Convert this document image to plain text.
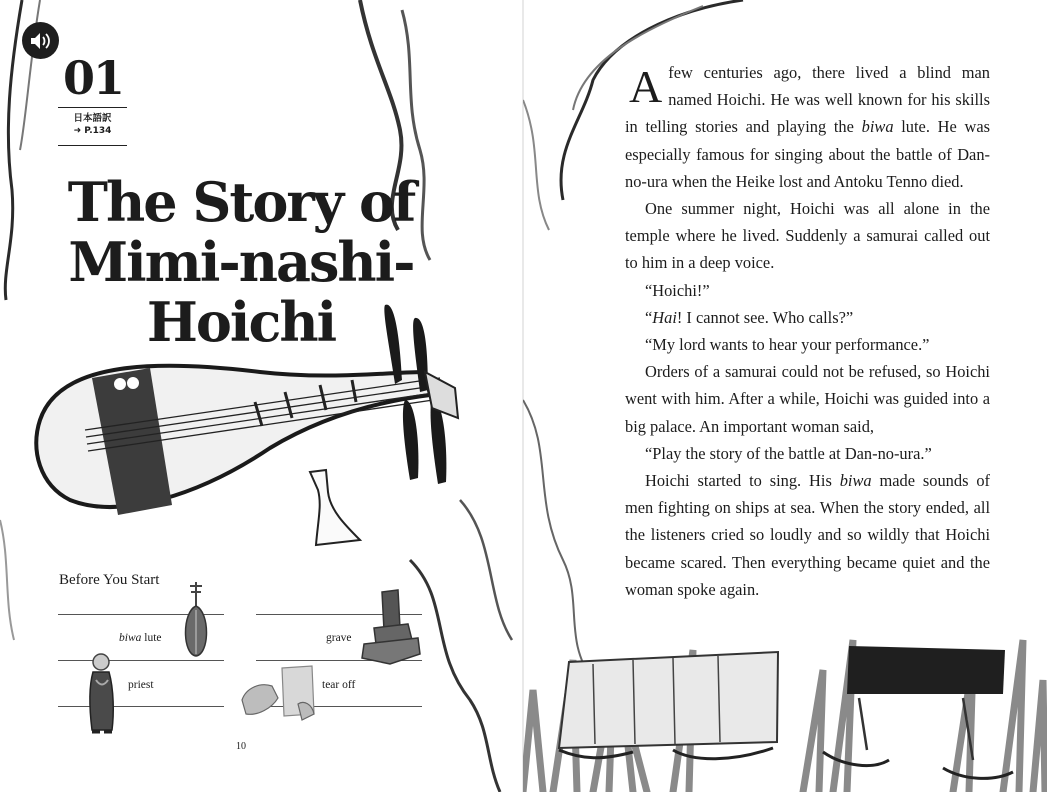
01
日本語訳
➜ P.134
The Story of
Mimi-nashi-
Hoichi
Before You Start
biwa lute	grave
priest	tear off
10

Afew centuries ago, there lived a blind man named Hoichi. He was well known for his skills in telling stories and playing the biwa lute. He was especially famous for singing about the battle of Dan-no-ura when the Heike lost and Antoku Tenno died.

One summer night, Hoichi was all alone in the temple where he lived. Suddenly a samurai called out to him in a deep voice.

“Hoichi!”

“Hai! I cannot see. Who calls?”

“My lord wants to hear your performance.”

Orders of a samurai could not be refused, so Hoichi went with him. After a while, Hoichi was guided into a big palace. An important woman said,

“Play the story of the battle at Dan-no-ura.”

Hoichi started to sing. His biwa made sounds of men fighting on ships at sea. When the story ended, all the listeners cried so loudly and so wildly that Hoichi became scared. Then everything became quiet and the woman spoke again.
